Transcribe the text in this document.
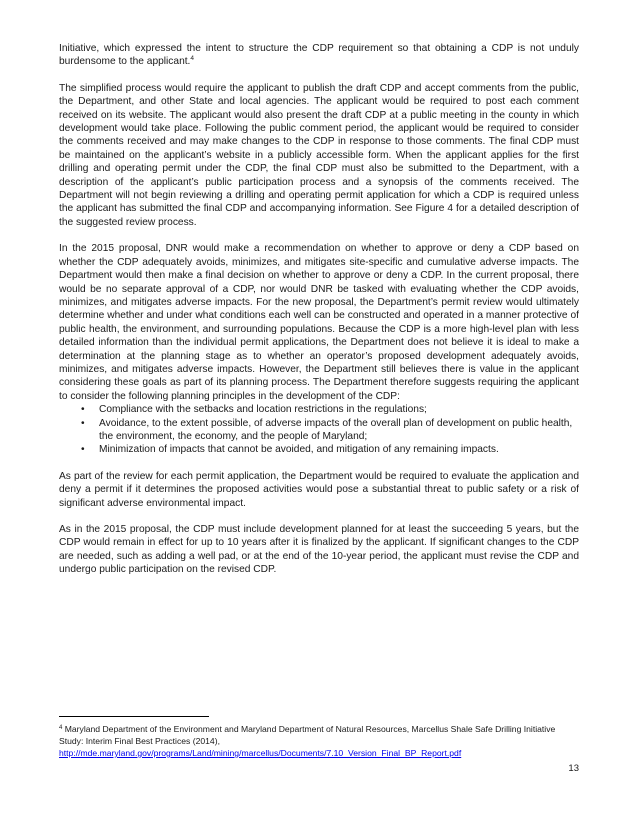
Initiative, which expressed the intent to structure the CDP requirement so that obtaining a CDP is not unduly burdensome to the applicant.$^4$

The simplified process would require the applicant to publish the draft CDP and accept comments from the public, the Department, and other State and local agencies. The applicant would be required to post each comment received on its website. The applicant would also present the draft CDP at a public meeting in the county in which development would take place. Following the public comment period, the applicant would be required to consider the comments received and may make changes to the CDP in response to those comments. The final CDP must be maintained on the applicant’s website in a publicly accessible form. When the applicant applies for the first drilling and operating permit under the CDP, the final CDP must also be submitted to the Department, with a description of the applicant’s public participation process and a synopsis of the comments received. The Department will not begin reviewing a drilling and operating permit application for which a CDP is required unless the applicant has submitted the final CDP and accompanying information. See Figure 4 for a detailed description of the suggested review process.

In the 2015 proposal, DNR would make a recommendation on whether to approve or deny a CDP based on whether the CDP adequately avoids, minimizes, and mitigates site-specific and cumulative adverse impacts. The Department would then make a final decision on whether to approve or deny a CDP. In the current proposal, there would be no separate approval of a CDP, nor would DNR be tasked with evaluating whether the CDP avoids, minimizes, and mitigates adverse impacts. For the new proposal, the Department’s permit review would ultimately determine whether and under what conditions each well can be constructed and operated in a manner protective of public health, the environment, and surrounding populations. Because the CDP is a more high-level plan with less detailed information than the individual permit applications, the Department does not believe it is ideal to make a determination at the planning stage as to whether an operator’s proposed development adequately avoids, minimizes, and mitigates adverse impacts. However, the Department still believes there is value in the applicant considering these goals as part of its planning process. The Department therefore suggests requiring the applicant to consider the following planning principles in the development of the CDP:

• Compliance with the setbacks and location restrictions in the regulations;
• Avoidance, to the extent possible, of adverse impacts of the overall plan of development on public health, the environment, the economy, and the people of Maryland;
• Minimization of impacts that cannot be avoided, and mitigation of any remaining impacts.

As part of the review for each permit application, the Department would be required to evaluate the application and deny a permit if it determines the proposed activities would pose a substantial threat to public safety or a risk of significant adverse environmental impact.

As in the 2015 proposal, the CDP must include development planned for at least the succeeding 5 years, but the CDP would remain in effect for up to 10 years after it is finalized by the applicant. If significant changes to the CDP are needed, such as adding a well pad, or at the end of the 10-year period, the applicant must revise the CDP and undergo public participation on the revised CDP.

$^4$ Maryland Department of the Environment and Maryland Department of Natural Resources, Marcellus Shale Safe Drilling Initiative Study: Interim Final Best Practices (2014),
http://mde.maryland.gov/programs/Land/mining/marcellus/Documents/7.10_Version_Final_BP_Report.pdf
13
